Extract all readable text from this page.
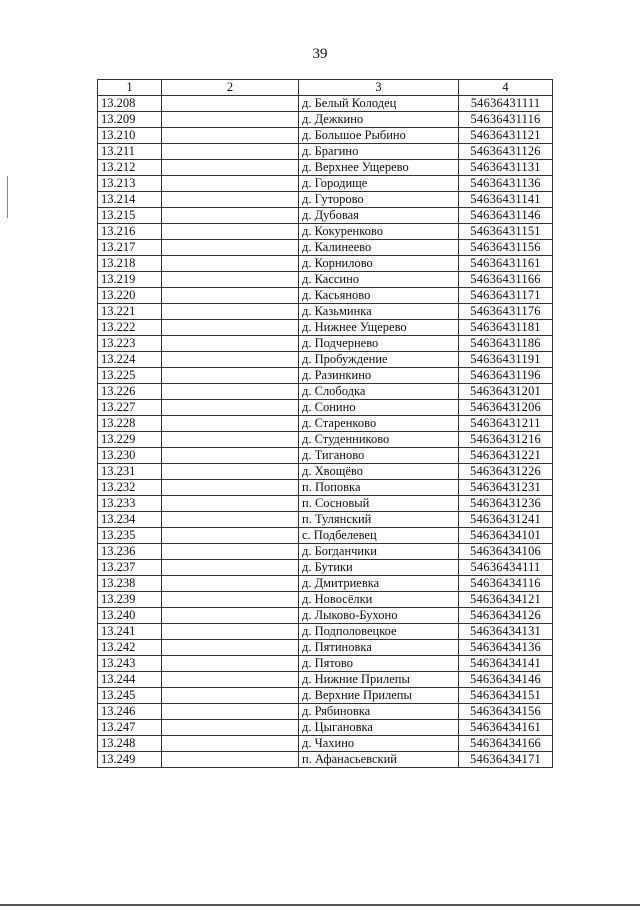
39
1	2	3	4
13.208		д. Белый Колодец	54636431111
13.209		д. Дежкино	54636431116
13.210		д. Большое Рыбино	54636431121
13.211		д. Брагино	54636431126
13.212		д. Верхнее Ущерево	54636431131
13.213		д. Городище	54636431136
13.214		д. Гуторово	54636431141
13.215		д. Дубовая	54636431146
13.216		д. Кокуренково	54636431151
13.217		д. Калинеево	54636431156
13.218		д. Корнилово	54636431161
13.219		д. Кассино	54636431166
13.220		д. Касьяново	54636431171
13.221		д. Казьминка	54636431176
13.222		д. Нижнее Ущерево	54636431181
13.223		д. Подчернево	54636431186
13.224		д. Пробуждение	54636431191
13.225		д. Разинкино	54636431196
13.226		д. Слободка	54636431201
13.227		д. Сонино	54636431206
13.228		д. Старенково	54636431211
13.229		д. Студенниково	54636431216
13.230		д. Тиганово	54636431221
13.231		д. Хвощёво	54636431226
13.232		п. Поповка	54636431231
13.233		п. Сосновый	54636431236
13.234		п. Тулянский	54636431241
13.235		с. Подбелевец	54636434101
13.236		д. Богданчики	54636434106
13.237		д. Бутики	54636434111
13.238		д. Дмитриевка	54636434116
13.239		д. Новосёлки	54636434121
13.240		д. Лыково-Бухоно	54636434126
13.241		д. Подполовецкое	54636434131
13.242		д. Пятиновка	54636434136
13.243		д. Пятово	54636434141
13.244		д. Нижние Прилепы	54636434146
13.245		д. Верхние Прилепы	54636434151
13.246		д. Рябиновка	54636434156
13.247		д. Цыгановка	54636434161
13.248		д. Чахино	54636434166
13.249		п. Афанасьевский	54636434171
